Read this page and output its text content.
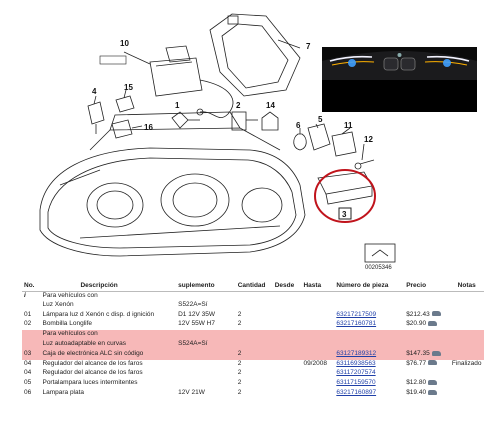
10	7
4	15
16
1	2	14
6
5
11
12
3
00205346
No.	Descripción	suplemento	Cantidad	Desde	Hasta	Número de pieza	Precio	Notas
i	Para vehículos con							
	Luz Xenón	S522A=Sí						
01	Lámpara luz d Xenón c disp. d ignición	D1 12V 35W	2			63217217509	$212.43	
02	Bombilla Longlife	12V 55W H7	2			63217160781	$20.90	
	Para vehículos con							
	Luz autoadaptable en curvas	S524A=Sí						
03	Caja de electrónica ALC sin código		2			63127189312	$147.35	
04	Regulador del alcance de los faros		2		09/2008	63116938563	$76.77	Finalizado
04	Regulador del alcance de los faros		2			63117207574		
05	Portalampara luces intermitentes		2			63117159570	$12.80	
06	Lampara plata	12V 21W	2			63217160897	$19.40	
